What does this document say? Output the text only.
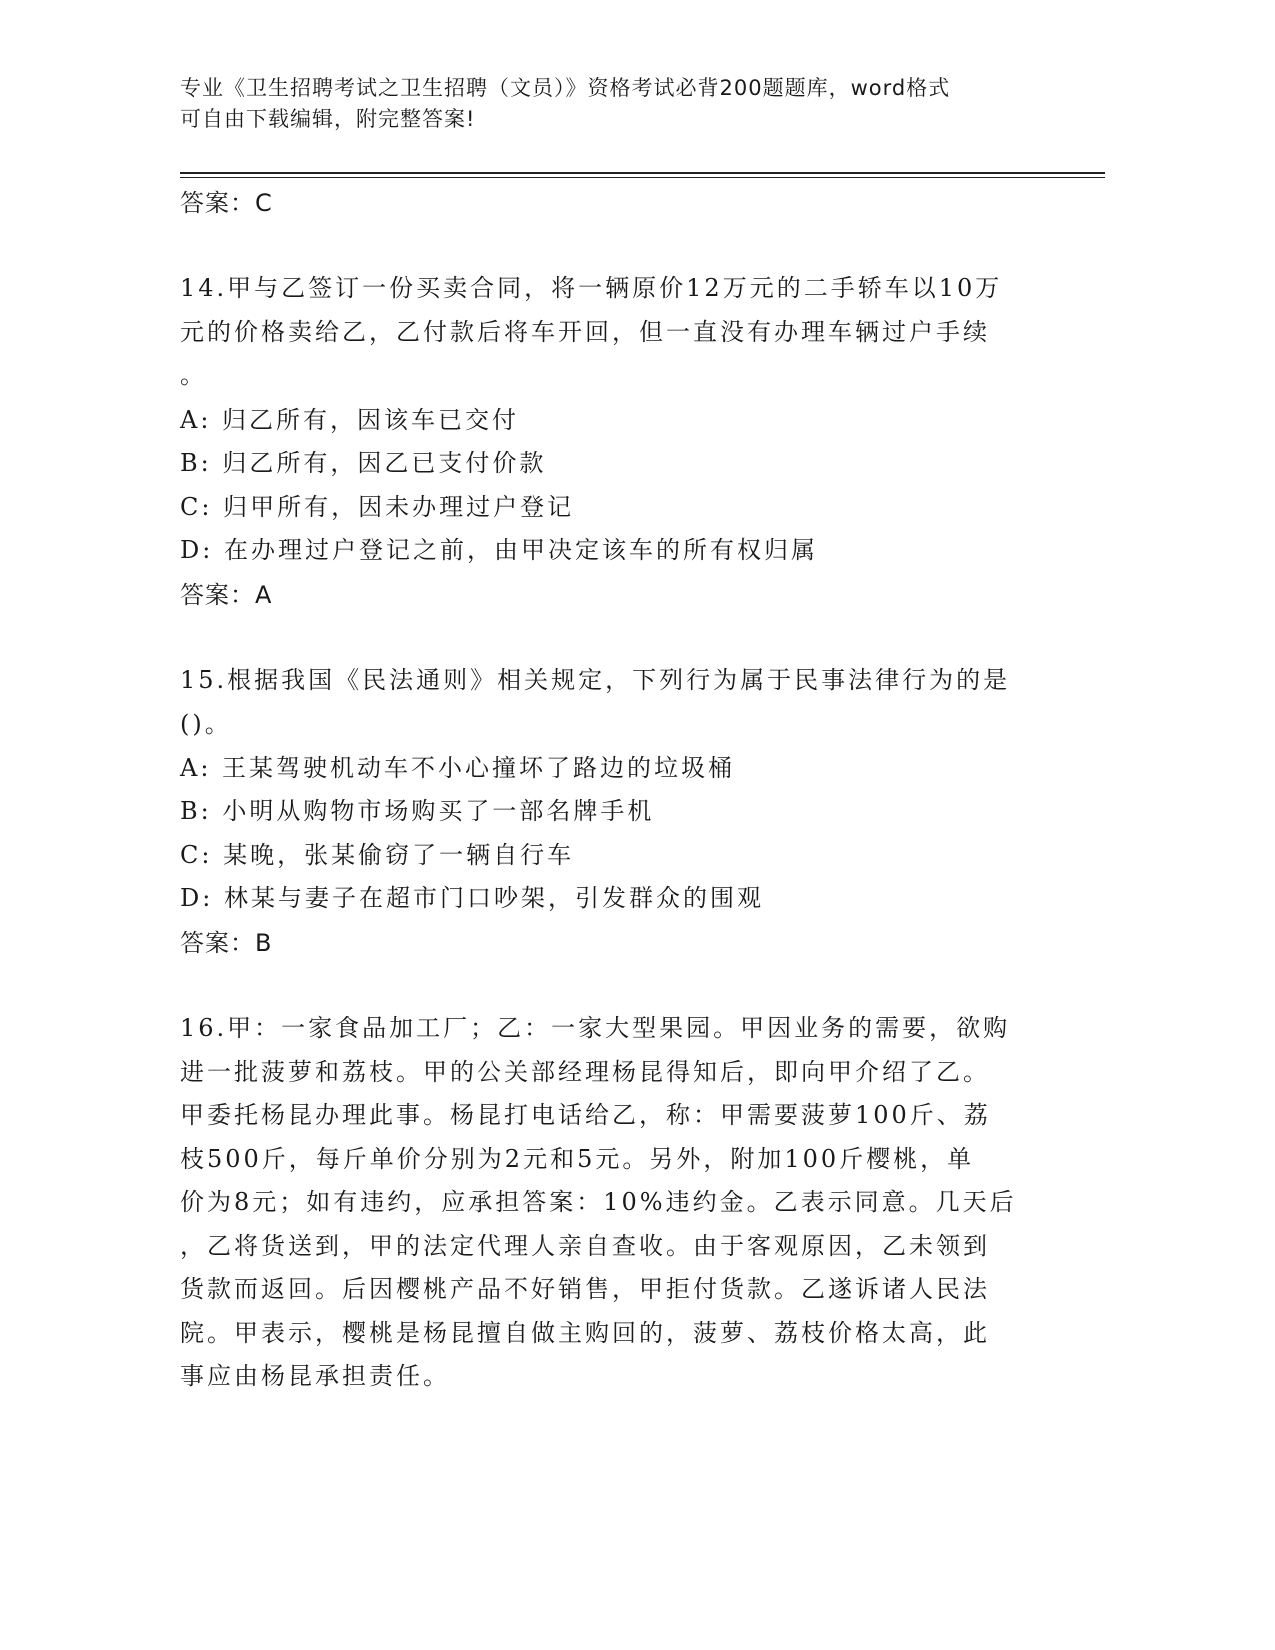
专业《卫生招聘考试之卫生招聘（文员）》资格考试必背200题题库，word格式
可自由下载编辑，附完整答案!
答案：C
14.甲与乙签订一份买卖合同，将一辆原价12万元的二手轿车以10万
元的价格卖给乙，乙付款后将车开回，但一直没有办理车辆过户手续
。
A: 归乙所有，因该车已交付
B: 归乙所有，因乙已支付价款
C: 归甲所有，因未办理过户登记
D: 在办理过户登记之前，由甲决定该车的所有权归属
答案：A
15.根据我国《民法通则》相关规定，下列行为属于民事法律行为的是
()。
A: 王某驾驶机动车不小心撞坏了路边的垃圾桶
B: 小明从购物市场购买了一部名牌手机
C: 某晚，张某偷窃了一辆自行车
D: 林某与妻子在超市门口吵架，引发群众的围观
答案：B
16.甲：一家食品加工厂；乙：一家大型果园。甲因业务的需要，欲购
进一批菠萝和荔枝。甲的公关部经理杨昆得知后，即向甲介绍了乙。
甲委托杨昆办理此事。杨昆打电话给乙，称：甲需要菠萝100斤、荔
枝500斤，每斤单价分别为2元和5元。另外，附加100斤樱桃，单
价为8元；如有违约，应承担答案：10%违约金。乙表示同意。几天后
，乙将货送到，甲的法定代理人亲自查收。由于客观原因，乙未领到
货款而返回。后因樱桃产品不好销售，甲拒付货款。乙遂诉诸人民法
院。甲表示，樱桃是杨昆擅自做主购回的，菠萝、荔枝价格太高，此
事应由杨昆承担责任。
